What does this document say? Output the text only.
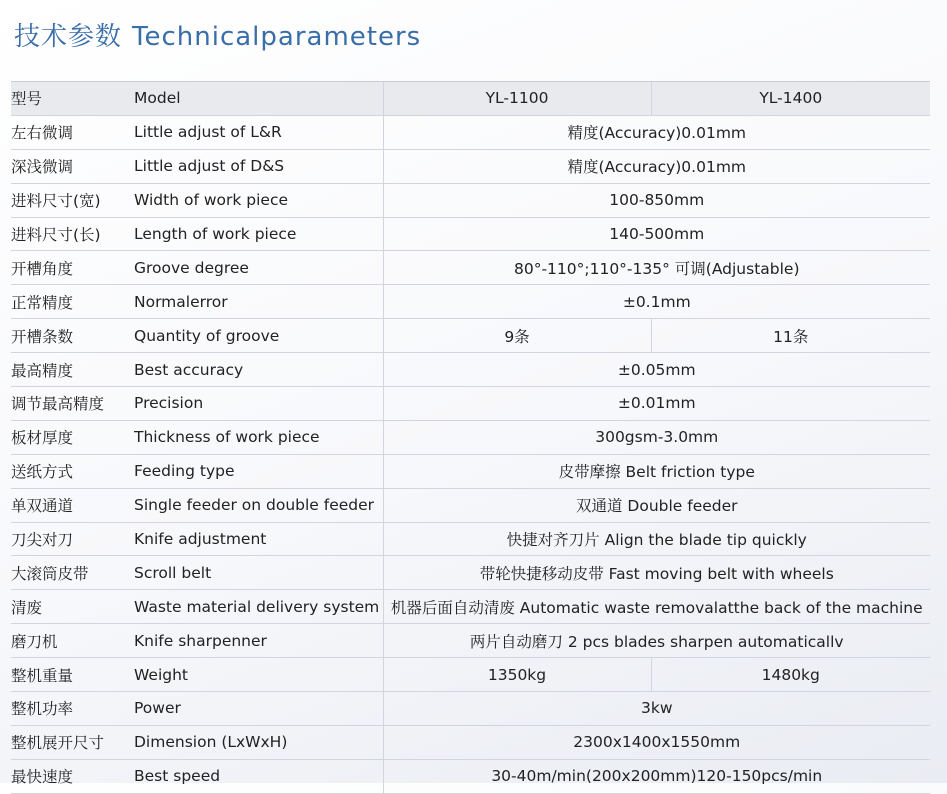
技术参数 Technicalparameters
型号	Model	YL-1100	YL-1400
左右微调	Little adjust of L&R	精度(Accuracy)0.01mm	
深浅微调	Little adjust of D&S	精度(Accuracy)0.01mm	
进料尺寸(宽)	Width of work piece	100-850mm	
进料尺寸(长)	Length of work piece	140-500mm	
开槽角度	Groove degree	80°-110°;110°-135° 可调(Adjustable)	
正常精度	Normalerror	±0.1mm	
开槽条数	Quantity of groove	9条	11条
最高精度	Best accuracy	±0.05mm	
调节最高精度	Precision	±0.01mm	
板材厚度	Thickness of work piece	300gsm-3.0mm	
送纸方式	Feeding type	皮带摩擦 Belt friction type	
单双通道	Single feeder on double feeder	双通道 Double feeder	
刀尖对刀	Knife adjustment	快捷对齐刀片 Align the blade tip quickly	
大滚筒皮带	Scroll belt	带轮快捷移动皮带 Fast moving belt with wheels	
清废	Waste material delivery system	机器后面自动清废 Automatic waste removalatthe back of the machine	
磨刀机	Knife sharpenner	两片自动磨刀 2 pcs blades sharpen automaticallv	
整机重量	Weight	1350kg	1480kg
整机功率	Power	3kw	
整机展开尺寸	Dimension (LxWxH)	2300x1400x1550mm	
最快速度	Best speed	30-40m/min(200x200mm)120-150pcs/min	
